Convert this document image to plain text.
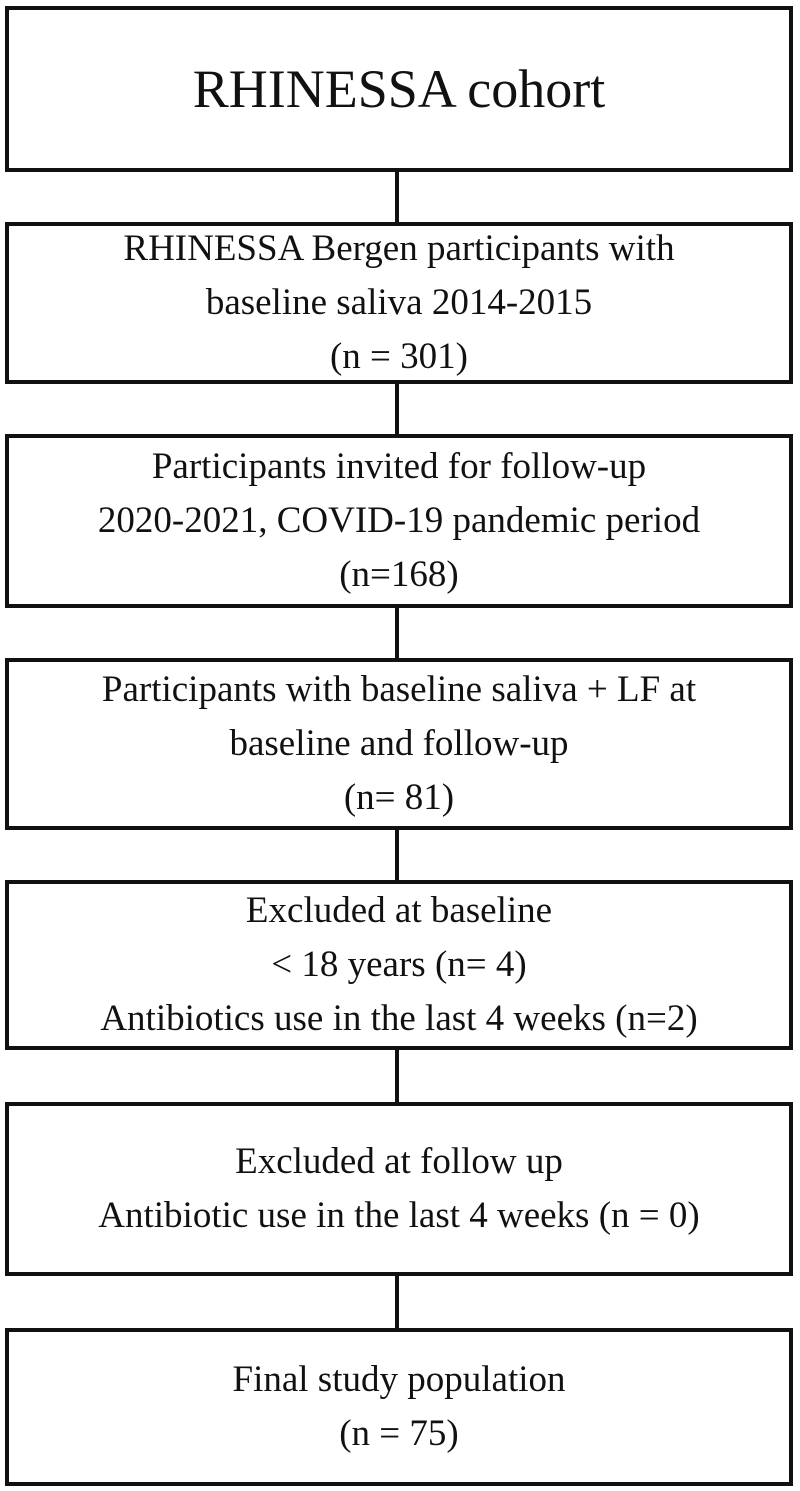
RHINESSA cohort
RHINESSA Bergen participants with
baseline saliva 2014-2015
(n = 301)
Participants invited for follow-up
2020-2021, COVID-19 pandemic period
(n=168)
Participants with baseline saliva + LF at
baseline and follow-up
(n= 81)
Excluded at baseline
< 18 years (n= 4)
Antibiotics use in the last 4 weeks (n=2)
Excluded at follow up
Antibiotic use in the last 4 weeks (n = 0)
Final study population
(n = 75)
